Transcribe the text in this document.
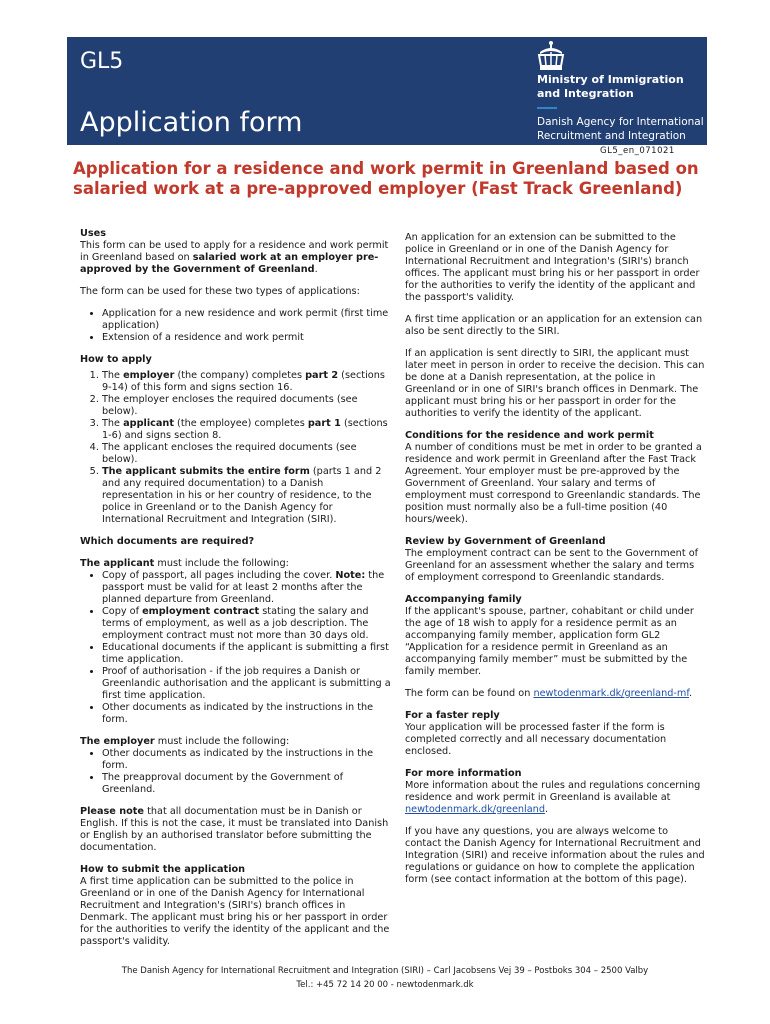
GL5
Application form
Ministry of Immigration and Integration
Danish Agency for International Recruitment and Integration
GL5_en_071021
Application for a residence and work permit in Greenland based on salaried work at a pre-approved employer (Fast Track Greenland)
Uses

This form can be used to apply for a residence and work permit in Greenland based on salaried work at an employer pre-approved by the Government of Greenland.

The form can be used for these two types of applications:

• Application for a new residence and work permit (first time application)
• Extension of a residence and work permit
How to apply
1. The employer (the company) completes part 2 (sections 9-14) of this form and signs section 16.
2. The employer encloses the required documents (see below).
3. The applicant (the employee) completes part 1 (sections 1-6) and signs section 8.
4. The applicant encloses the required documents (see below).
5. The applicant submits the entire form (parts 1 and 2 and any required documentation) to a Danish representation in his or her country of residence, to the police in Greenland or to the Danish Agency for International Recruitment and Integration (SIRI).
Which documents are required?
The applicant must include the following:
• Copy of passport, all pages including the cover. Note: the passport must be valid for at least 2 months after the planned departure from Greenland.
• Copy of employment contract stating the salary and terms of employment, as well as a job description. The employment contract must not more than 30 days old.
• Educational documents if the applicant is submitting a first time application.
• Proof of authorisation - if the job requires a Danish or Greenlandic authorisation and the applicant is submitting a first time application.
• Other documents as indicated by the instructions in the form.
The employer must include the following:
• Other documents as indicated by the instructions in the form.
• The preapproval document by the Government of Greenland.

Please note that all documentation must be in Danish or English. If this is not the case, it must be translated into Danish or English by an authorised translator before submitting the documentation.

How to submit the application

A first time application can be submitted to the police in Greenland or in one of the Danish Agency for International Recruitment and Integration's (SIRI's) branch offices in Denmark. The applicant must bring his or her passport in order for the authorities to verify the identity of the applicant and the passport's validity.

An application for an extension can be submitted to the police in Greenland or in one of the Danish Agency for International Recruitment and Integration's (SIRI's) branch offices. The applicant must bring his or her passport in order for the authorities to verify the identity of the applicant and the passport's validity.

A first time application or an application for an extension can also be sent directly to the SIRI.

If an application is sent directly to SIRI, the applicant must later meet in person in order to receive the decision. This can be done at a Danish representation, at the police in Greenland or in one of SIRI's branch offices in Denmark. The applicant must bring his or her passport in order for the authorities to verify the identity of the applicant.

Conditions for the residence and work permit

A number of conditions must be met in order to be granted a residence and work permit in Greenland after the Fast Track Agreement. Your employer must be pre-approved by the Government of Greenland. Your salary and terms of employment must correspond to Greenlandic standards. The position must normally also be a full-time position (40 hours/week).

Review by Government of Greenland

The employment contract can be sent to the Government of Greenland for an assessment whether the salary and terms of employment correspond to Greenlandic standards.

Accompanying family

If the applicant's spouse, partner, cohabitant or child under the age of 18 wish to apply for a residence permit as an accompanying family member, application form GL2 “Application for a residence permit in Greenland as an accompanying family member” must be submitted by the family member.

The form can be found on newtodenmark.dk/greenland-mf.

For a faster reply

Your application will be processed faster if the form is completed correctly and all necessary documentation enclosed.

For more information

More information about the rules and regulations concerning residence and work permit in Greenland is available at newtodenmark.dk/greenland.

If you have any questions, you are always welcome to contact the Danish Agency for International Recruitment and Integration (SIRI) and receive information about the rules and regulations or guidance on how to complete the application form (see contact information at the bottom of this page).

The Danish Agency for International Recruitment and Integration (SIRI) – Carl Jacobsens Vej 39 – Postboks 304 – 2500 Valby
Tel.: +45 72 14 20 00 - newtodenmark.dk
